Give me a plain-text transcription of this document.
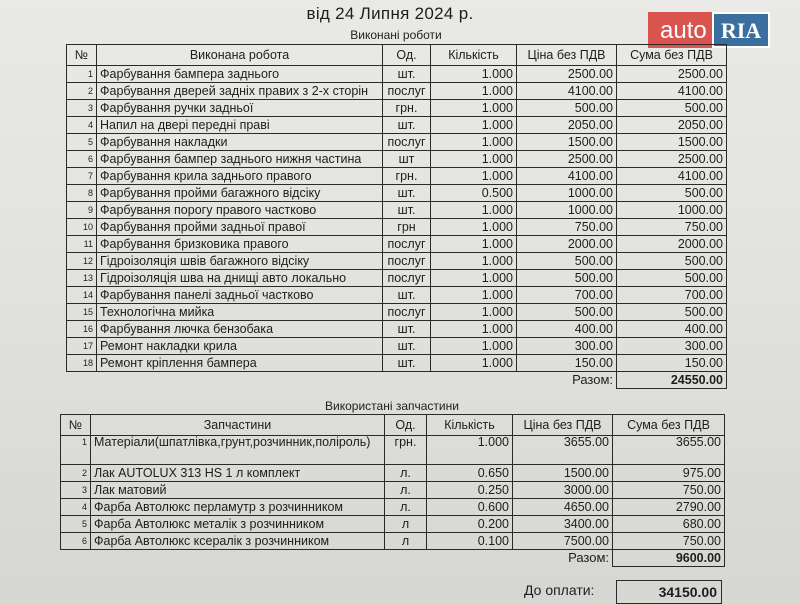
від 24 Липня 2024 р.
auto RIA
Виконані роботи
№	Виконана робота	Од.	Кількість	Ціна без ПДВ	Сума без ПДВ
1	Фарбування бампера заднього	шт.	1.000	2500.00	2500.00
2	Фарбування дверей задніх правих з 2-х сторін	послуг	1.000	4100.00	4100.00
3	Фарбування ручки задньої	грн.	1.000	500.00	500.00
4	Напил на двері передні праві	шт.	1.000	2050.00	2050.00
5	Фарбування накладки	послуг	1.000	1500.00	1500.00
6	Фарбування бампер заднього нижня частина	шт	1.000	2500.00	2500.00
7	Фарбування крила заднього правого	грн.	1.000	4100.00	4100.00
8	Фарбування пройми багажного відсіку	шт.	0.500	1000.00	500.00
9	Фарбування порогу правого частково	шт.	1.000	1000.00	1000.00
10	Фарбування пройми задньої правої	грн	1.000	750.00	750.00
11	Фарбування бризковика правого	послуг	1.000	2000.00	2000.00
12	Гідроізоляція швів багажного відсіку	послуг	1.000	500.00	500.00
13	Гідроізоляція шва на днищі авто локально	послуг	1.000	500.00	500.00
14	Фарбування панелі задньої частково	шт.	1.000	700.00	700.00
15	Технологічна мийка	послуг	1.000	500.00	500.00
16	Фарбування лючка бензобака	шт.	1.000	400.00	400.00
17	Ремонт накладки крила	шт.	1.000	300.00	300.00
18	Ремонт кріплення бампера	шт.	1.000	150.00	150.00
				Разом:	24550.00
Використані запчастини
№	Запчастини	Од.	Кількість	Ціна без ПДВ	Сума без ПДВ
1	Матеріали(шпатлівка,грунт,розчинник,поліроль)	грн.	1.000	3655.00	3655.00
2	Лак AUTOLUX 313 HS 1 л комплект	л.	0.650	1500.00	975.00
3	Лак матовий	л.	0.250	3000.00	750.00
4	Фарба Автолюкс перламутр з розчинником	л.	0.600	4650.00	2790.00
5	Фарба Автолюкс металік з розчинником	л	0.200	3400.00	680.00
6	Фарба Автолюкс ксералік з розчинником	л	0.100	7500.00	750.00
				Разом:	9600.00
До оплати:	34150.00
